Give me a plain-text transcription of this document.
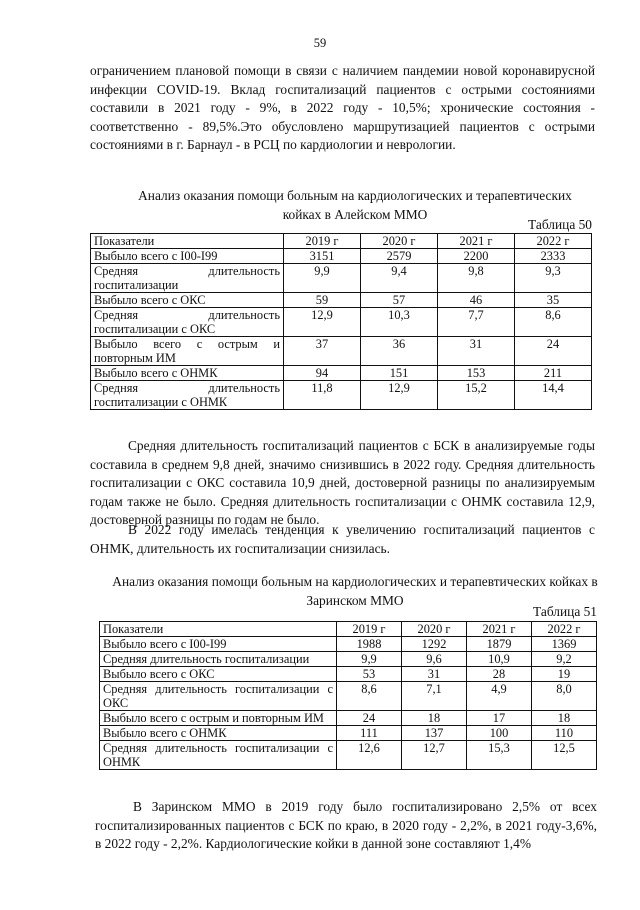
59

ограничением плановой помощи в связи с наличием пандемии новой коронавирусной инфекции COVID-19. Вклад госпитализаций пациентов с острыми состояниями составили в 2021 году - 9%, в 2022 году - 10,5%; хронические состояния - соответственно - 89,5%.Это обусловлено маршрутизацией пациентов с острыми состояниями в г. Барнаул - в РСЦ по кардиологии и неврологии.

Анализ оказания помощи больным на кардиологических и терапевтических койках в Алейском ММО

Таблица 50
Показатели	2019 г	2020 г	2021 г	2022 г
Выбыло всего с I00-I99	3151	2579	2200	2333
Средняя длительность госпитализации	9,9	9,4	9,8	9,3
Выбыло всего с ОКС	59	57	46	35
Средняя длительность госпитализации с ОКС	12,9	10,3	7,7	8,6
Выбыло всего с острым и повторным ИМ	37	36	31	24
Выбыло всего с ОНМК	94	151	153	211
Средняя длительность госпитализации с ОНМК	11,8	12,9	15,2	14,4

Средняя длительность госпитализаций пациентов с БСК в анализируемые годы составила в среднем 9,8 дней, значимо снизившись в 2022 году. Средняя длительность госпитализации с ОКС составила 10,9 дней, достоверной разницы по анализируемым годам также не было. Средняя длительность госпитализации с ОНМК составила 12,9, достоверной разницы по годам не было.

В 2022 году имелась тенденция к увеличению госпитализаций пациентов с ОНМК, длительность их госпитализации снизилась.

Анализ оказания помощи больным на кардиологических и терапевтических койках в Заринском ММО

Таблица 51
Показатели	2019 г	2020 г	2021 г	2022 г
Выбыло всего с I00-I99	1988	1292	1879	1369
Средняя длительность госпитализации	9,9	9,6	10,9	9,2
Выбыло всего с ОКС	53	31	28	19
Средняя длительность госпитализации с ОКС	8,6	7,1	4,9	8,0
Выбыло всего с острым и повторным ИМ	24	18	17	18
Выбыло всего с ОНМК	111	137	100	110
Средняя длительность госпитализации с ОНМК	12,6	12,7	15,3	12,5

В Заринском ММО в 2019 году было госпитализировано 2,5% от всех госпитализированных пациентов с БСК по краю, в 2020 году - 2,2%, в 2021 году-3,6%, в 2022 году - 2,2%. Кардиологические койки в данной зоне составляют 1,4%
